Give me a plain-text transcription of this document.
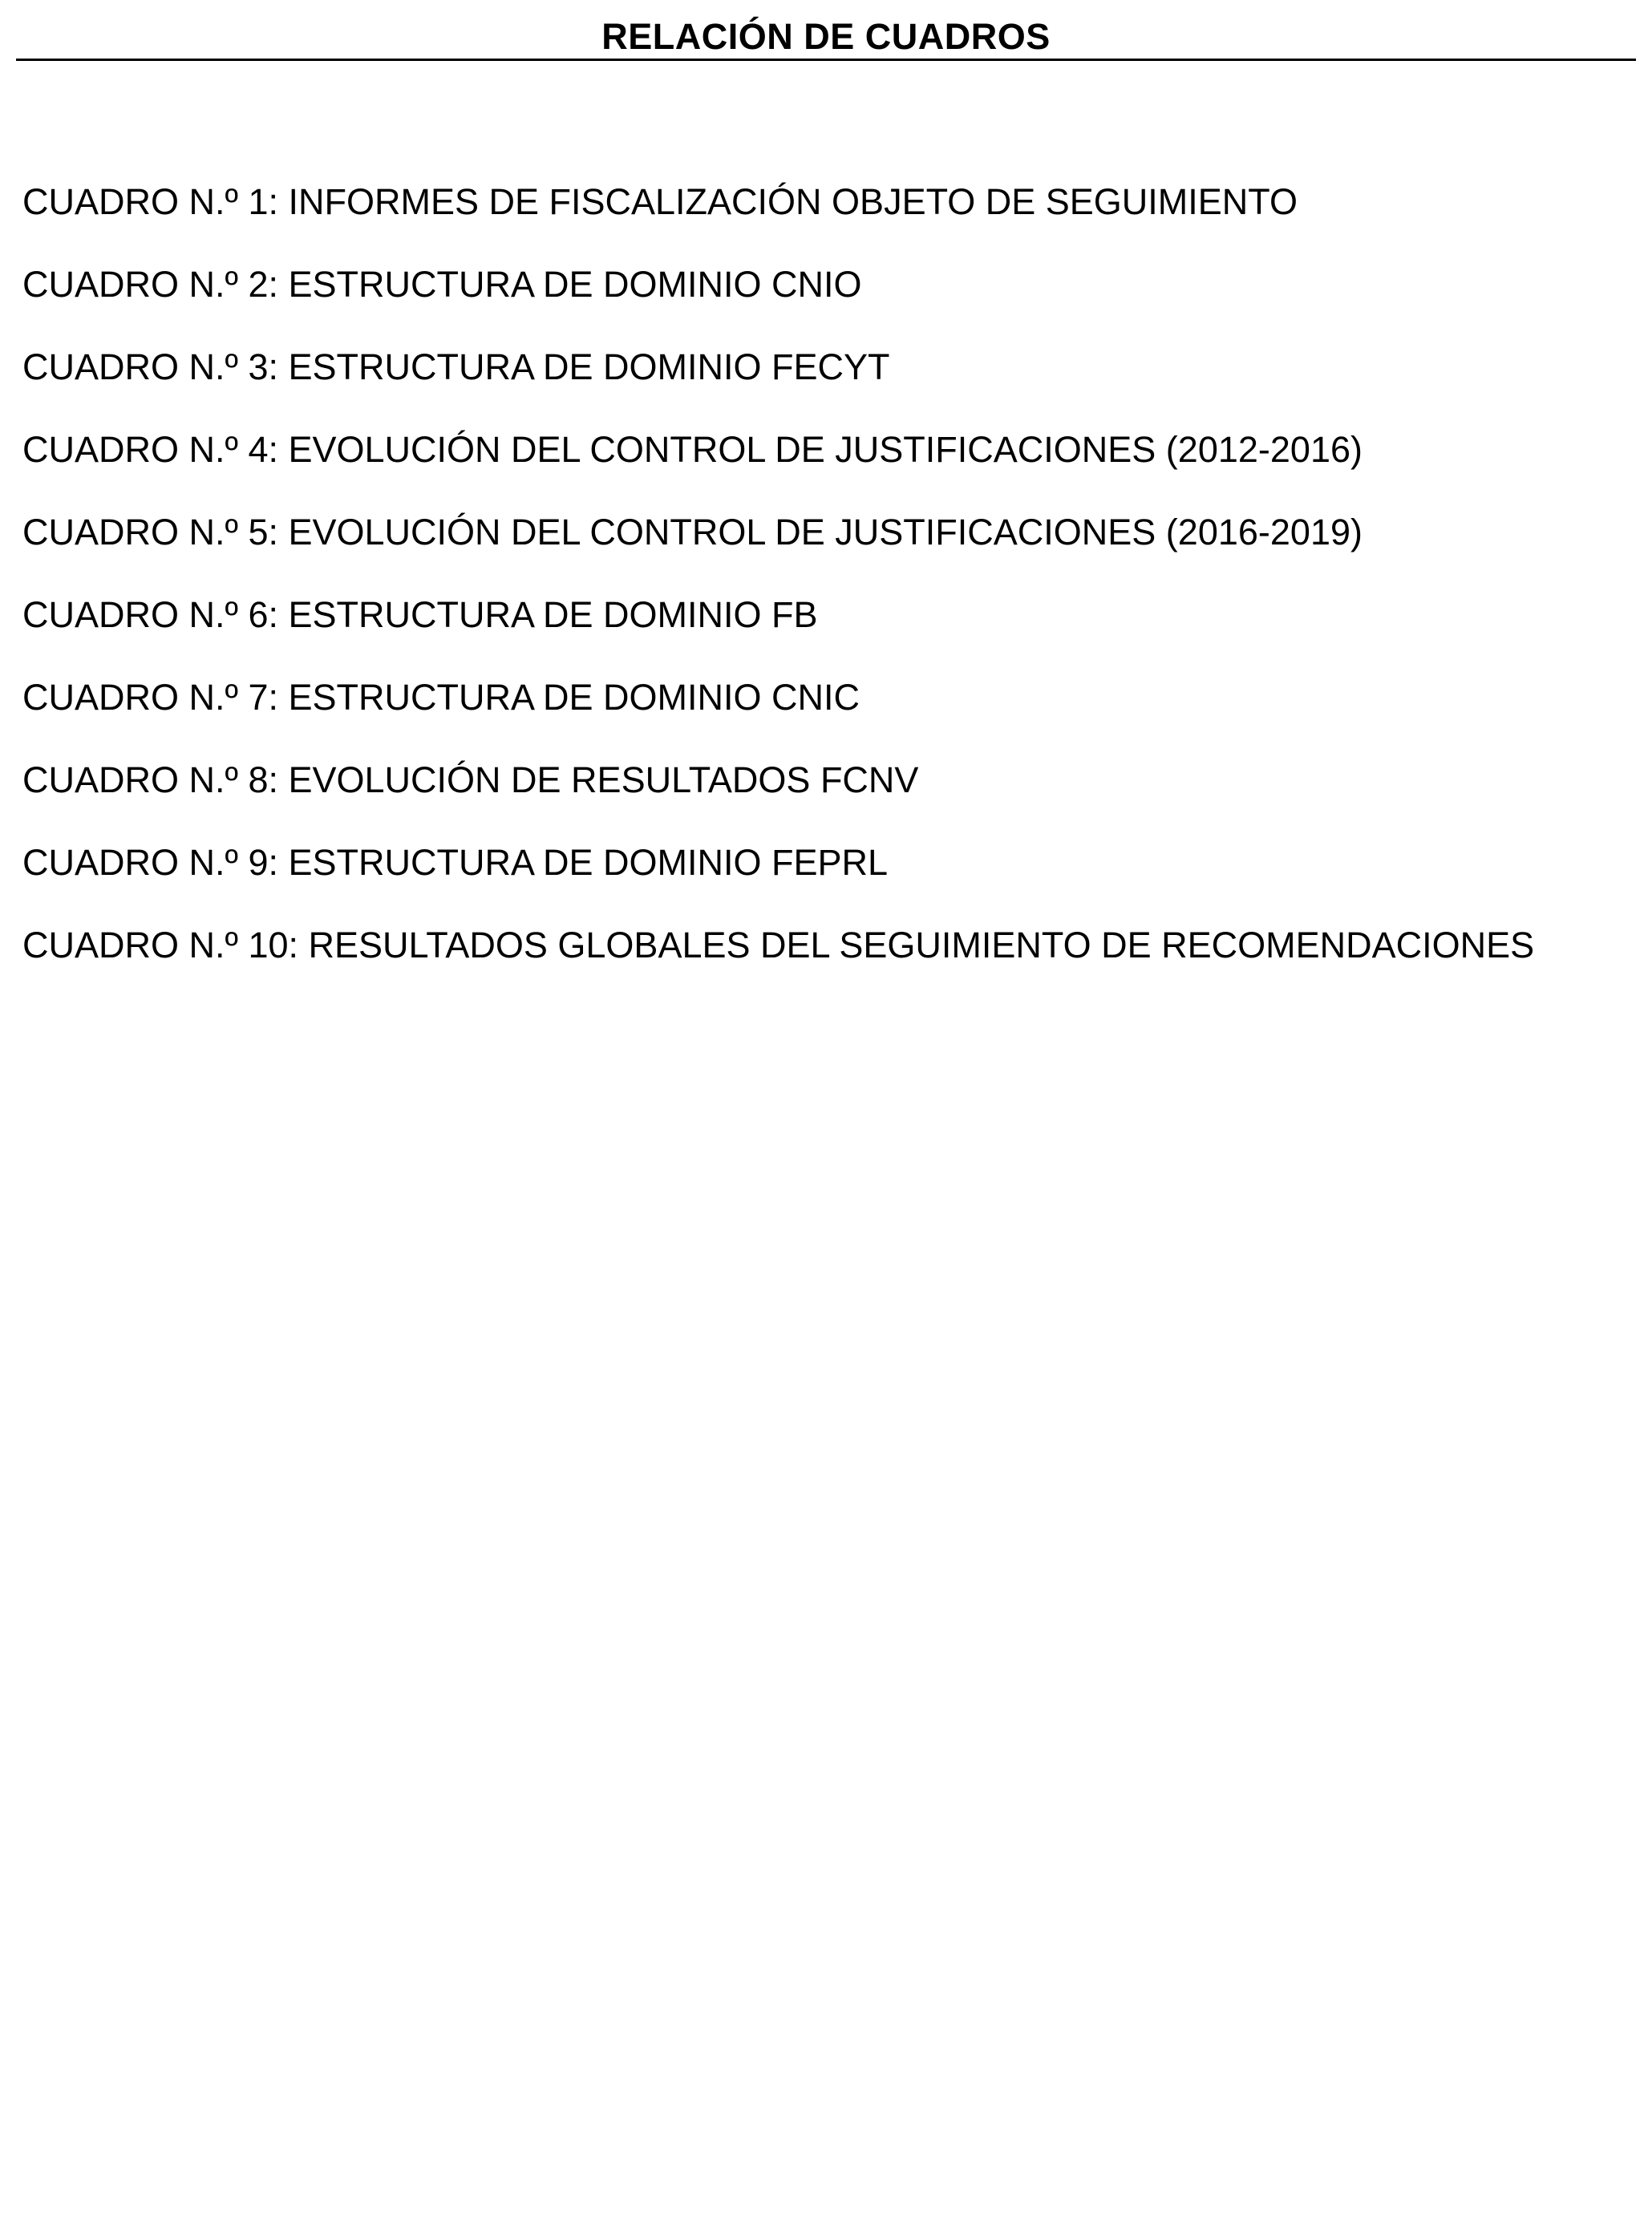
RELACIÓN DE CUADROS
CUADRO N.º 1: INFORMES DE FISCALIZACIÓN OBJETO DE SEGUIMIENTO
CUADRO N.º 2: ESTRUCTURA DE DOMINIO CNIO
CUADRO N.º 3: ESTRUCTURA DE DOMINIO FECYT
CUADRO N.º 4: EVOLUCIÓN DEL CONTROL DE JUSTIFICACIONES (2012-2016)
CUADRO N.º 5: EVOLUCIÓN DEL CONTROL DE JUSTIFICACIONES (2016-2019)
CUADRO N.º 6: ESTRUCTURA DE DOMINIO FB
CUADRO N.º 7: ESTRUCTURA DE DOMINIO CNIC
CUADRO N.º 8: EVOLUCIÓN DE RESULTADOS FCNV
CUADRO N.º 9: ESTRUCTURA DE DOMINIO FEPRL
CUADRO N.º 10: RESULTADOS GLOBALES DEL SEGUIMIENTO DE RECOMENDACIONES
